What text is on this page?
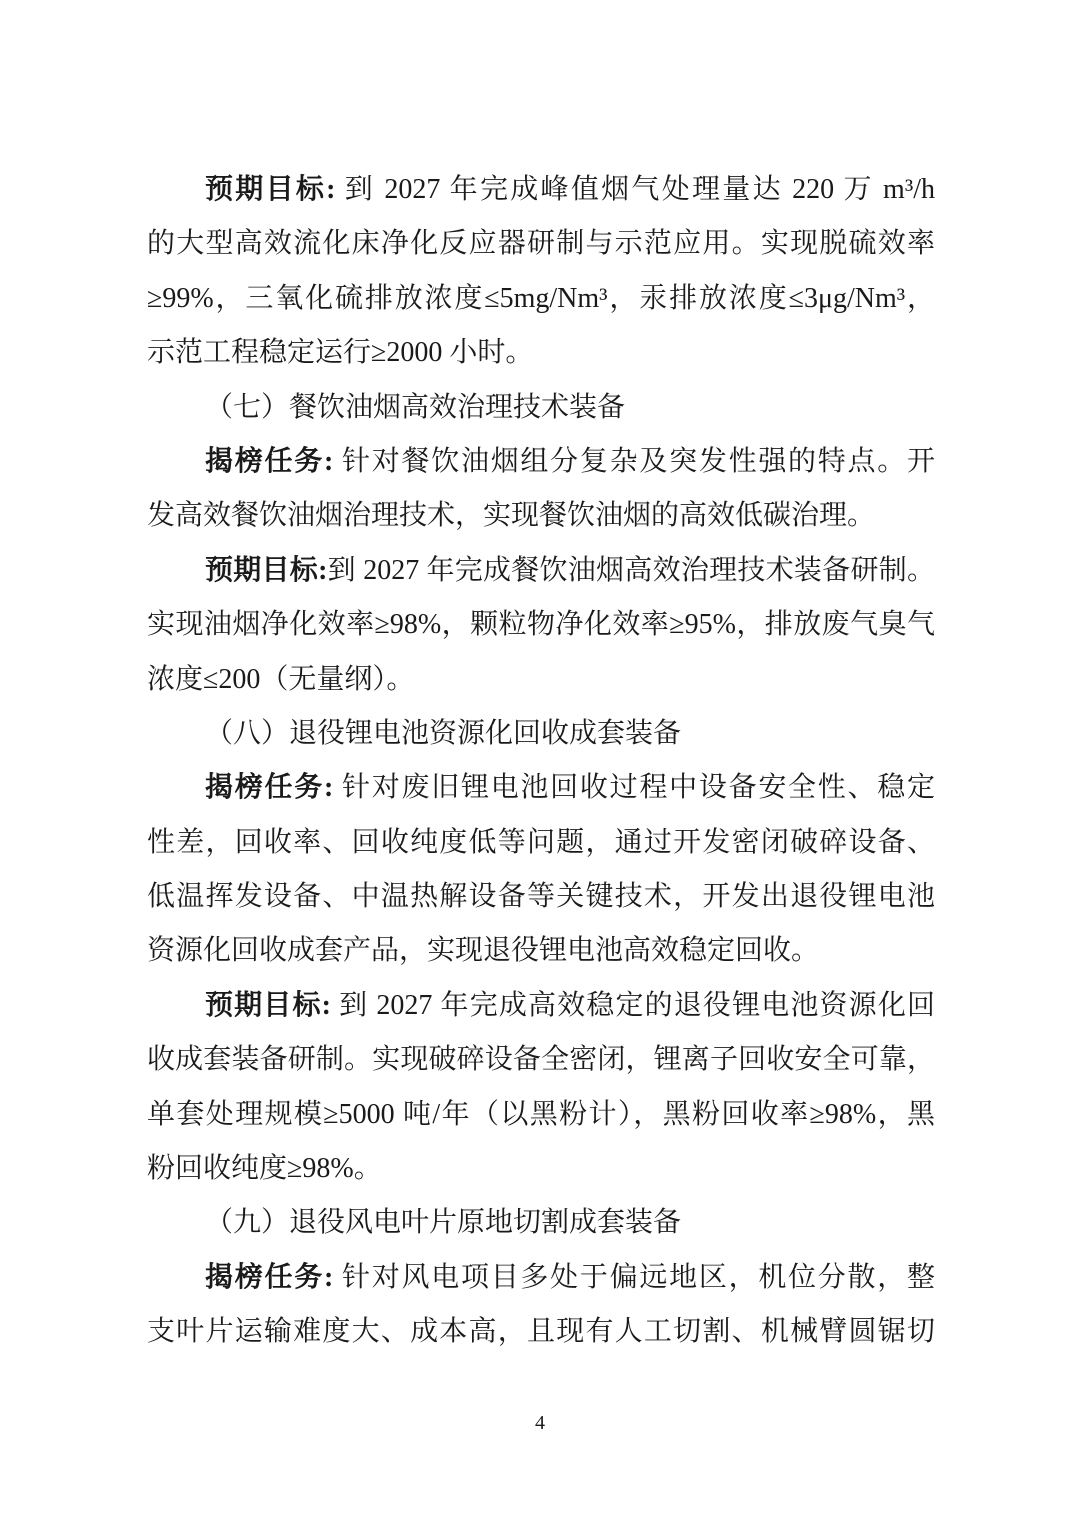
预期目标: 到 2027 年完成峰值烟气处理量达 220 万 m³/h
的大型高效流化床净化反应器研制与示范应用。实现脱硫效率
≥99%，三氧化硫排放浓度≤5mg/Nm³，汞排放浓度≤3μg/Nm³，
示范工程稳定运行≥2000 小时。
（七）餐饮油烟高效治理技术装备
揭榜任务: 针对餐饮油烟组分复杂及突发性强的特点。开
发高效餐饮油烟治理技术，实现餐饮油烟的高效低碳治理。
预期目标:到 2027 年完成餐饮油烟高效治理技术装备研制。
实现油烟净化效率≥98%，颗粒物净化效率≥95%，排放废气臭气
浓度≤200（无量纲）。
（八）退役锂电池资源化回收成套装备
揭榜任务: 针对废旧锂电池回收过程中设备安全性、稳定
性差，回收率、回收纯度低等问题，通过开发密闭破碎设备、
低温挥发设备、中温热解设备等关键技术，开发出退役锂电池
资源化回收成套产品，实现退役锂电池高效稳定回收。
预期目标: 到 2027 年完成高效稳定的退役锂电池资源化回
收成套装备研制。实现破碎设备全密闭，锂离子回收安全可靠，
单套处理规模≥5000 吨/年（以黑粉计），黑粉回收率≥98%，黑
粉回收纯度≥98%。
（九）退役风电叶片原地切割成套装备
揭榜任务: 针对风电项目多处于偏远地区，机位分散，整
支叶片运输难度大、成本高，且现有人工切割、机械臂圆锯切
4
